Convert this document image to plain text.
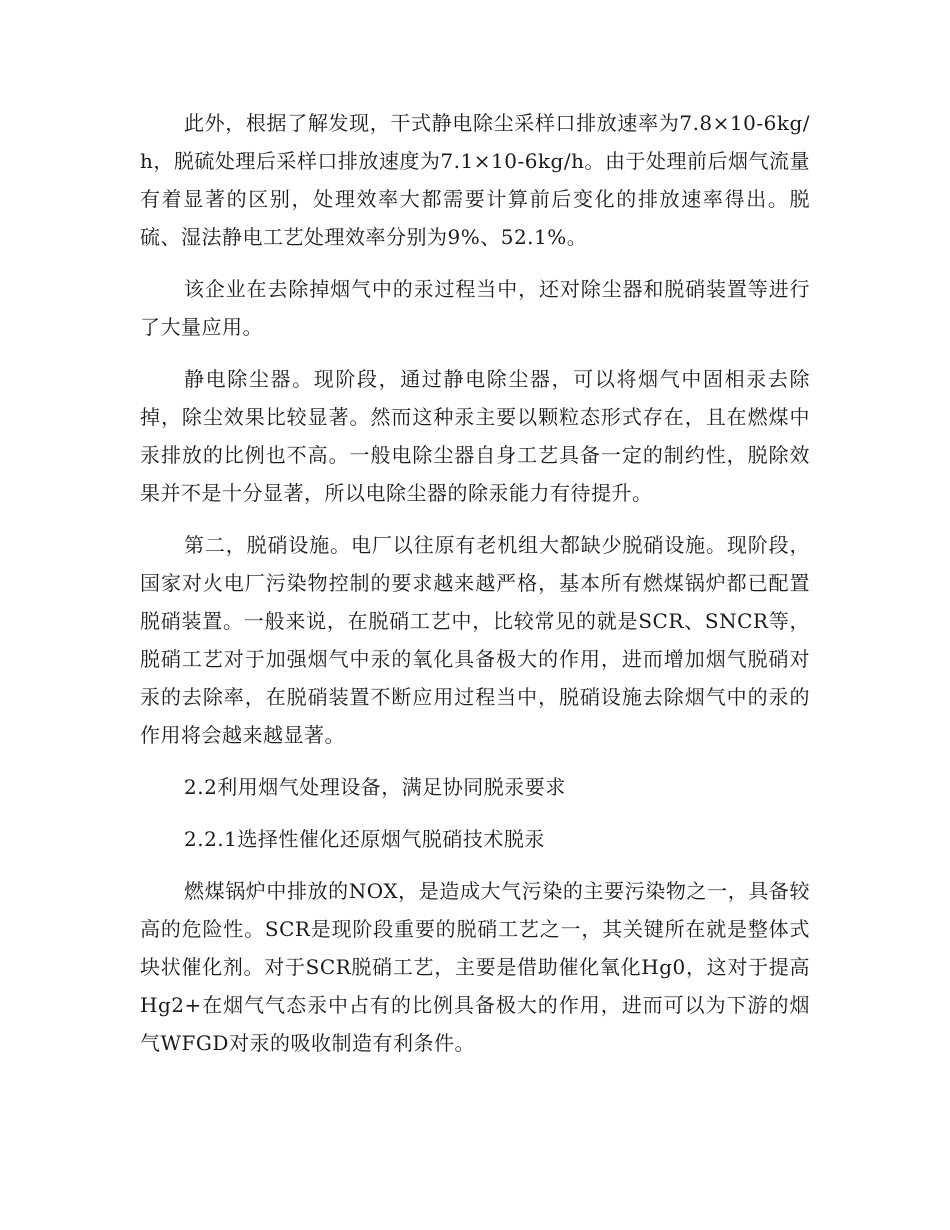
此外，根据了解发现，干式静电除尘采样口排放速率为7.8×10-6kg/h，脱硫处理后采样口排放速度为7.1×10-6kg/h。由于处理前后烟气流量有着显著的区别，处理效率大都需要计算前后变化的排放速率得出。脱硫、湿法静电工艺处理效率分别为9%、52.1%。

该企业在去除掉烟气中的汞过程当中，还对除尘器和脱硝装置等进行了大量应用。

静电除尘器。现阶段，通过静电除尘器，可以将烟气中固相汞去除掉，除尘效果比较显著。然而这种汞主要以颗粒态形式存在，且在燃煤中汞排放的比例也不高。一般电除尘器自身工艺具备一定的制约性，脱除效果并不是十分显著，所以电除尘器的除汞能力有待提升。

第二，脱硝设施。电厂以往原有老机组大都缺少脱硝设施。现阶段，国家对火电厂污染物控制的要求越来越严格，基本所有燃煤锅炉都已配置脱硝装置。一般来说，在脱硝工艺中，比较常见的就是SCR、SNCR等，脱硝工艺对于加强烟气中汞的氧化具备极大的作用，进而增加烟气脱硝对汞的去除率，在脱硝装置不断应用过程当中，脱硝设施去除烟气中的汞的作用将会越来越显著。

2.2利用烟气处理设备，满足协同脱汞要求

2.2.1选择性催化还原烟气脱硝技术脱汞

燃煤锅炉中排放的NOX，是造成大气污染的主要污染物之一，具备较高的危险性。SCR是现阶段重要的脱硝工艺之一，其关键所在就是整体式块状催化剂。对于SCR脱硝工艺，主要是借助催化氧化Hg0，这对于提高Hg2+在烟气气态汞中占有的比例具备极大的作用，进而可以为下游的烟气WFGD对汞的吸收制造有利条件。
